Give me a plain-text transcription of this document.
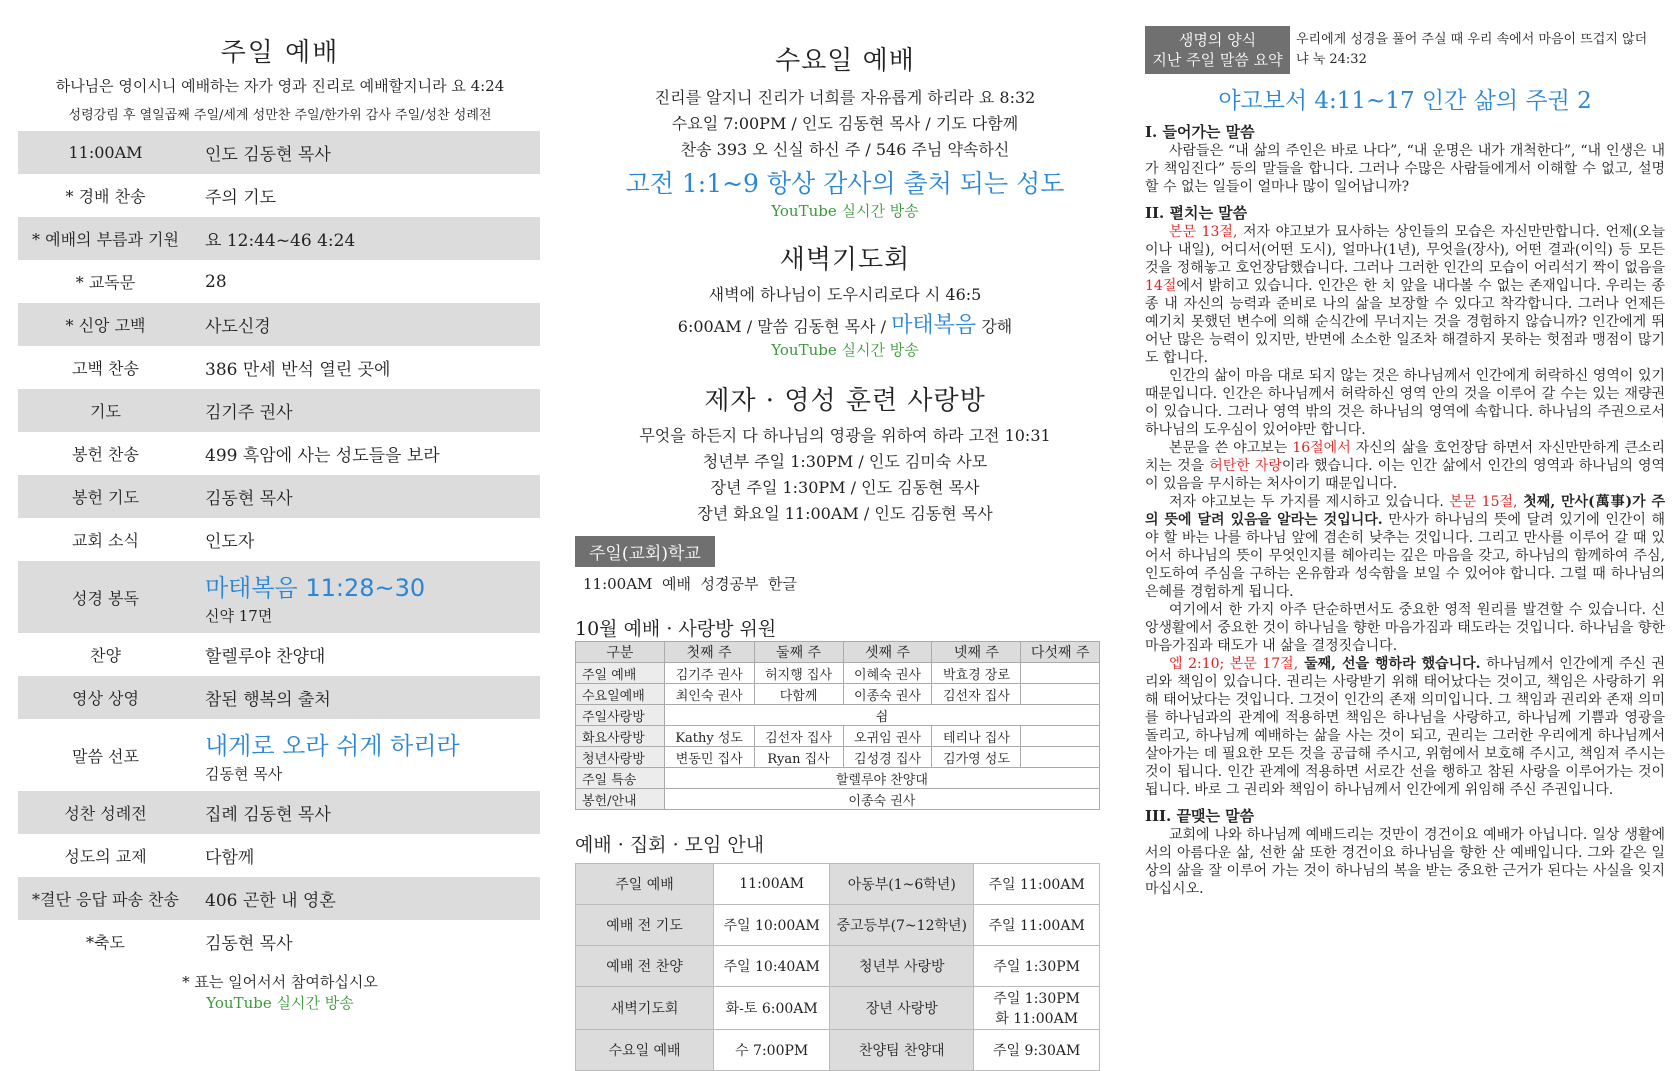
주일 예배
하나님은 영이시니 예배하는 자가 영과 진리로 예배할지니라 요 4:24
성령강림 후 열일곱째 주일/세계 성만찬 주일/한가위 감사 주일/성찬 성례전
11:00AM	인도 김동현 목사
* 경배 찬송	주의 기도
* 예배의 부름과 기원	요 12:44~46 4:24
* 교독문	28
* 신앙 고백	사도신경
고백 찬송	386 만세 반석 열린 곳에
기도	김기주 권사
봉헌 찬송	499 흑암에 사는 성도들을 보라
봉헌 기도	김동현 목사
교회 소식	인도자
성경 봉독	마태복음 11:28~30
신약 17면
찬양	할렐루야 찬양대
영상 상영	참된 행복의 출처
말씀 선포	내게로 오라 쉬게 하리라
김동현 목사
성찬 성례전	집례 김동현 목사
성도의 교제	다함께
*결단 응답 파송 찬송	406 곤한 내 영혼
*축도	김동현 목사
* 표는 일어서서 참여하십시오
YouTube 실시간 방송
수요일 예배
진리를 알지니 진리가 너희를 자유롭게 하리라 요 8:32
수요일 7:00PM / 인도 김동현 목사 / 기도 다함께
찬송 393 오 신실 하신 주 / 546 주님 약속하신
고전 1:1~9 항상 감사의 출처 되는 성도
YouTube 실시간 방송
새벽기도회
새벽에 하나님이 도우시리로다 시 46:5
6:00AM / 말씀 김동현 목사 / 마태복음 강해
YouTube 실시간 방송
제자 · 영성 훈련 사랑방
무엇을 하든지 다 하나님의 영광을 위하여 하라 고전 10:31
청년부 주일 1:30PM / 인도 김미숙 사모
장년 주일 1:30PM / 인도 김동현 목사
장년 화요일 11:00AM / 인도 김동현 목사
주일(교회)학교
11:00AM  예배  성경공부  한글
10월 예배 · 사랑방 위원
구분	첫째 주	둘째 주	셋째 주	넷째 주	다섯째 주
주일 예배	김기주 권사	허지행 집사	이혜숙 권사	박효경 장로	
수요일예배	최인숙 권사	다함께	이종숙 권사	김선자 집사	
주일사랑방	쉼				
화요사랑방	Kathy 성도	김선자 집사	오귀임 권사	테리나 집사	
청년사랑방	변동민 집사	Ryan 집사	김성경 집사	김가영 성도	
주일 특송	할렐루야 찬양대				
봉헌/안내	이종숙 권사				
예배 · 집회 · 모임 안내
주일 예배	11:00AM	아동부(1~6학년)	주일 11:00AM
예배 전 기도	주일 10:00AM	중고등부(7~12학년)	주일 11:00AM
예배 전 찬양	주일 10:40AM	청년부 사랑방	주일 1:30PM
새벽기도회	화-토 6:00AM	장년 사랑방	주일 1:30PM
화 11:00AM
수요일 예배	수 7:00PM	찬양팀 찬양대	주일 9:30AM
생명의 양식
지난 주일 말씀 요약
우리에게 성경을 풀어 주실 때 우리 속에서 마음이 뜨겁지 않더냐 눅 24:32
야고보서 4:11~17 인간 삶의 주권 2
I. 들어가는 말씀

사람들은 “내 삶의 주인은 바로 나다”, “내 운명은 내가 개척한다”, “내 인생은 내가 책임진다” 등의 말들을 합니다. 그러나 수많은 사람들에게서 이해할 수 없고, 설명할 수 없는 일들이 얼마나 많이 일어납니까?

II. 펼치는 말씀

본문 13절, 저자 야고보가 묘사하는 상인들의 모습은 자신만만합니다. 언제(오늘이나 내일), 어디서(어떤 도시), 얼마나(1년), 무엇을(장사), 어떤 결과(이익) 등 모든 것을 정해놓고 호언장담했습니다. 그러나 그러한 인간의 모습이 어리석기 짝이 없음을 14절에서 밝히고 있습니다. 인간은 한 치 앞을 내다볼 수 없는 존재입니다. 우리는 종종 내 자신의 능력과 준비로 나의 삶을 보장할 수 있다고 착각합니다. 그러나 언제든 예기치 못했던 변수에 의해 순식간에 무너지는 것을 경험하지 않습니까? 인간에게 뛰어난 많은 능력이 있지만, 반면에 소소한 일조차 해결하지 못하는 헛점과 맹점이 많기도 합니다.

인간의 삶이 마음 대로 되지 않는 것은 하나님께서 인간에게 허락하신 영역이 있기 때문입니다. 인간은 하나님께서 허락하신 영역 안의 것을 이루어 갈 수는 있는 재량권이 있습니다. 그러나 영역 밖의 것은 하나님의 영역에 속합니다. 하나님의 주권으로서 하나님의 도우심이 있어야만 합니다.

본문을 쓴 야고보는 16절에서 자신의 삶을 호언장담 하면서 자신만만하게 큰소리치는 것을 허탄한 자랑이라 했습니다. 이는 인간 삶에서 인간의 영역과 하나님의 영역이 있음을 무시하는 처사이기 때문입니다.

저자 야고보는 두 가지를 제시하고 있습니다. 본문 15절, 첫째, 만사(萬事)가 주의 뜻에 달려 있음을 알라는 것입니다. 만사가 하나님의 뜻에 달려 있기에 인간이 해야 할 바는 나를 하나님 앞에 겸손히 낮추는 것입니다. 그리고 만사를 이루어 갈 때 있어서 하나님의 뜻이 무엇인지를 헤아리는 깊은 마음을 갖고, 하나님의 함께하여 주심, 인도하여 주심을 구하는 온유함과 성숙함을 보일 수 있어야 합니다. 그럴 때 하나님의 은혜를 경험하게 됩니다.

여기에서 한 가지 아주 단순하면서도 중요한 영적 원리를 발견할 수 있습니다. 신앙생활에서 중요한 것이 하나님을 향한 마음가짐과 태도라는 것입니다. 하나님을 향한 마음가짐과 태도가 내 삶을 결정짓습니다.

엡 2:10; 본문 17절, 둘째, 선을 행하라 했습니다. 하나님께서 인간에게 주신 권리와 책임이 있습니다. 권리는 사랑받기 위해 태어났다는 것이고, 책임은 사랑하기 위해 태어났다는 것입니다. 그것이 인간의 존재 의미입니다. 그 책임과 권리와 존재 의미를 하나님과의 관계에 적용하면 책임은 하나님을 사랑하고, 하나님께 기쁨과 영광을 돌리고, 하나님께 예배하는 삶을 사는 것이 되고, 권리는 그러한 우리에게 하나님께서 살아가는 데 필요한 모든 것을 공급해 주시고, 위험에서 보호해 주시고, 책임져 주시는 것이 됩니다. 인간 관계에 적용하면 서로간 선을 행하고 참된 사랑을 이루어가는 것이 됩니다. 바로 그 권리와 책임이 하나님께서 인간에게 위임해 주신 주권입니다.

III. 끝맺는 말씀

교회에 나와 하나님께 예배드리는 것만이 경건이요 예배가 아닙니다. 일상 생활에서의 아름다운 삶, 선한 삶 또한 경건이요 하나님을 향한 산 예배입니다. 그와 같은 일상의 삶을 잘 이루어 가는 것이 하나님의 복을 받는 중요한 근거가 된다는 사실을 잊지 마십시오.
